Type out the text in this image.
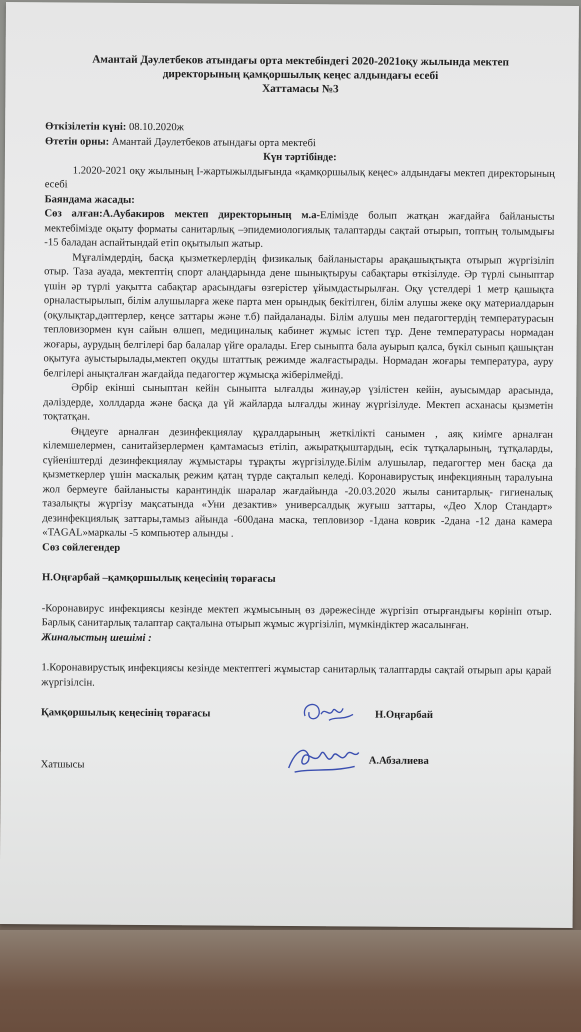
Амантай Дәулетбеков атындағы орта мектебіндегі 2020-2021оқу жылында мектеп

директорының қамқоршылық кеңес алдындағы есебі

Хаттамасы №3

Өткізілетін күні: 08.10.2020ж

Өтетін орны: Амантай Дәулетбеков атындағы орта мектебі

Күн тәртібінде:

1.2020-2021 оқу жылының І-жартыжылдығында «қамқоршылық кеңес» алдындағы мектеп директорының есебі

Баяндама жасады:

Сөз алған:А.Аубакиров мектеп директорының м.а-Елімізде болып жатқан жағдайға байланысты мектебімізде оқыту форматы санитарлық –эпидемиологиялық талаптарды сақтай отырып, топтың толымдығы -15 баладан аспайтындай етіп оқытылып жатыр.

Мұғалімдердің, басқа қызметкерлердің физикалық байланыстары арақашықтықта отырып жүргізіліп отыр. Таза ауада, мектептің спорт алаңдарында дене шынықтыруы сабақтары өткізілуде. Әр түрлі сыныптар үшін әр түрлі уақытта сабақтар арасындағы өзгерістер ұйымдастырылған. Оқу үстелдері 1 метр қашықта орналастырылып, білім алушыларға жеке парта мен орындық бекітілген, білім алушы жеке оқу материалдарын (оқулықтар,дәптерлер, кеңсе заттары және т.б) пайдаланады. Білім алушы мен педагогтердің температурасын тепловизормен күн сайын өлшеп, медициналық кабинет жұмыс істеп тұр. Дене температурасы нормадан жоғары, аурудың белгілері бар балалар үйге оралады. Егер сыныпта бала ауырып қалса, бүкіл сынып қашықтан оқытуға ауыстырылады,мектеп оқуды штаттық режимде жалғастырады. Нормадан жоғары температура, ауру белгілері анықталған жағдайда педагогтер жұмысқа жіберілмейді.

Әрбір екінші сыныптан кейін сыныпта ылғалды жинау,әр үзілістен кейін, ауысымдар арасында, дәліздерде, холлдарда және басқа да үй жайларда ылғалды жинау жүргізілуде. Мектеп асханасы қызметін тоқтатқан.

Өңдеуге арналған дезинфекциялау құралдарының жеткілікті санымен , аяқ киімге арналған кілемшелермен, санитайзерлермен қамтамасыз етіліп, ажыратқыштардың, есік тұтқаларының, тұтқаларды, сүйеніштерді дезинфекциялау жұмыстары тұрақты жүргізілуде.Білім алушылар, педагогтер мен басқа да қызметкерлер үшін маскалық режим қатаң түрде сақталып келеді. Коронавирустық инфекцияның таралуына жол бермеуге байланысты карантиндік шаралар жағдайында -20.03.2020 жылы санитарлық- гигиеналық тазалықты жүргізу мақсатында «Уни дезактив» универсалдық жуғыш заттары, «Део Хлор Стандарт» дезинфекциялық заттары,тамыз айында -600дана маска, тепловизор -1дана коврик -2дана -12 дана камера «TAGAL»маркалы -5 компьютер алынды .

Сөз сөйлегендер

Н.Оңғарбай –қамқоршылық кеңесінің төрағасы

-Коронавирус инфекциясы кезінде мектеп жұмысының өз дәрежесінде жүргізіп отырғандығы көрініп отыр. Барлық санитарлық талаптар сақталына отырып жұмыс жүргізіліп, мүмкіндіктер жасалынған.

Жиналыстың шешімі :

1.Коронавирустық инфекциясы кезінде мектептегі жұмыстар санитарлық талаптарды сақтай отырып ары қарай жүргізілсін.

Қамқоршылық кеңесінің төрағасы	Н.Оңғарбай
Хатшысы	А.Абзалиева
